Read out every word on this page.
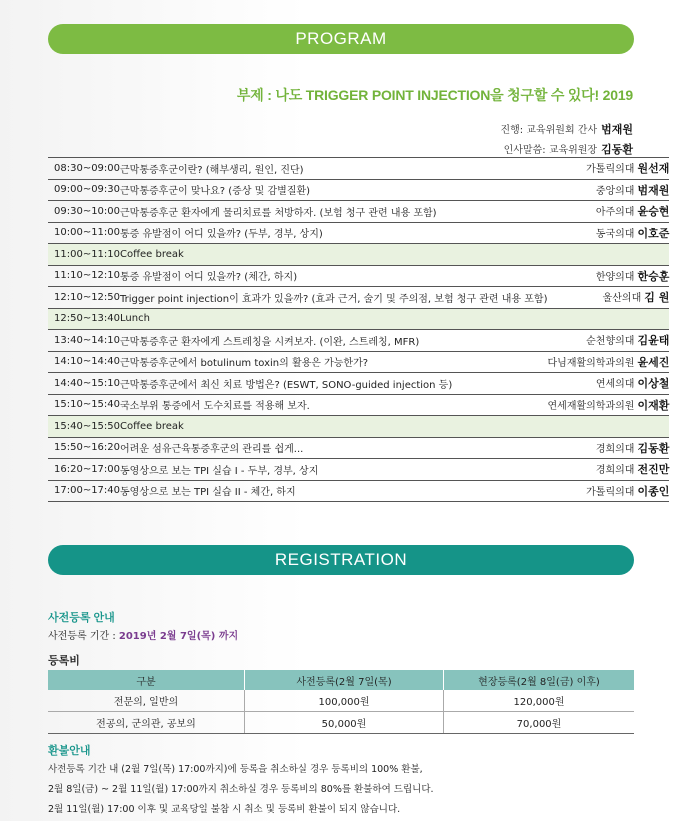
PROGRAM
부제 : 나도 TRIGGER POINT INJECTION을 청구할 수 있다! 2019
진행: 교육위원회 간사 범재원
인사말씀: 교육위원장 김동환
08:30~09:00	근막통증후군이란? (해부생리, 원인, 진단)	가톨릭의대 원선재
09:00~09:30	근막통증후군이 맞나요? (증상 및 감별질환)	중앙의대 범재원
09:30~10:00	근막통증후군 환자에게 물리치료를 처방하자. (보험 청구 관련 내용 포함)	아주의대 윤승현
10:00~11:00	통증 유발점이 어디 있을까? (두부, 경부, 상지)	동국의대 이호준
11:00~11:10	Coffee break	
11:10~12:10	통증 유발점이 어디 있을까? (체간, 하지)	한양의대 한승훈
12:10~12:50	Trigger point injection이 효과가 있을까? (효과 근거, 술기 및 주의점, 보험 청구 관련 내용 포함)	울산의대 김 원
12:50~13:40	Lunch	
13:40~14:10	근막통증후군 환자에게 스트레칭을 시켜보자. (이완, 스트레칭, MFR)	순천향의대 김윤태
14:10~14:40	근막통증후군에서 botulinum toxin의 활용은 가능한가?	다님재활의학과의원 윤세진
14:40~15:10	근막통증후군에서 최신 치료 방법은? (ESWT, SONO-guided injection 등)	연세의대 이상철
15:10~15:40	국소부위 통증에서 도수치료를 적용해 보자.	연세재활의학과의원 이재환
15:40~15:50	Coffee break	
15:50~16:20	어려운 섬유근육통증후군의 관리를 쉽게...	경희의대 김동환
16:20~17:00	동영상으로 보는 TPI 실습 I - 두부, 경부, 상지	경희의대 전진만
17:00~17:40	동영상으로 보는 TPI 실습 II - 체간, 하지	가톨릭의대 이종인
REGISTRATION
사전등록 안내
사전등록 기간 : 2019년 2월 7일(목) 까지
등록비
구분	사전등록(2월 7일(목)	현장등록(2월 8일(금) 이후)
전문의, 일반의	100,000원	120,000원
전공의, 군의관, 공보의	50,000원	70,000원
환불안내
사전등록 기간 내 (2월 7일(목) 17:00까지)에 등록을 취소하실 경우 등록비의 100% 환불,
2월 8일(금) ~ 2월 11일(월) 17:00까지 취소하실 경우 등록비의 80%를 환불하여 드립니다.
2월 11일(월) 17:00 이후 및 교육당일 불참 시 취소 및 등록비 환불이 되지 않습니다.
